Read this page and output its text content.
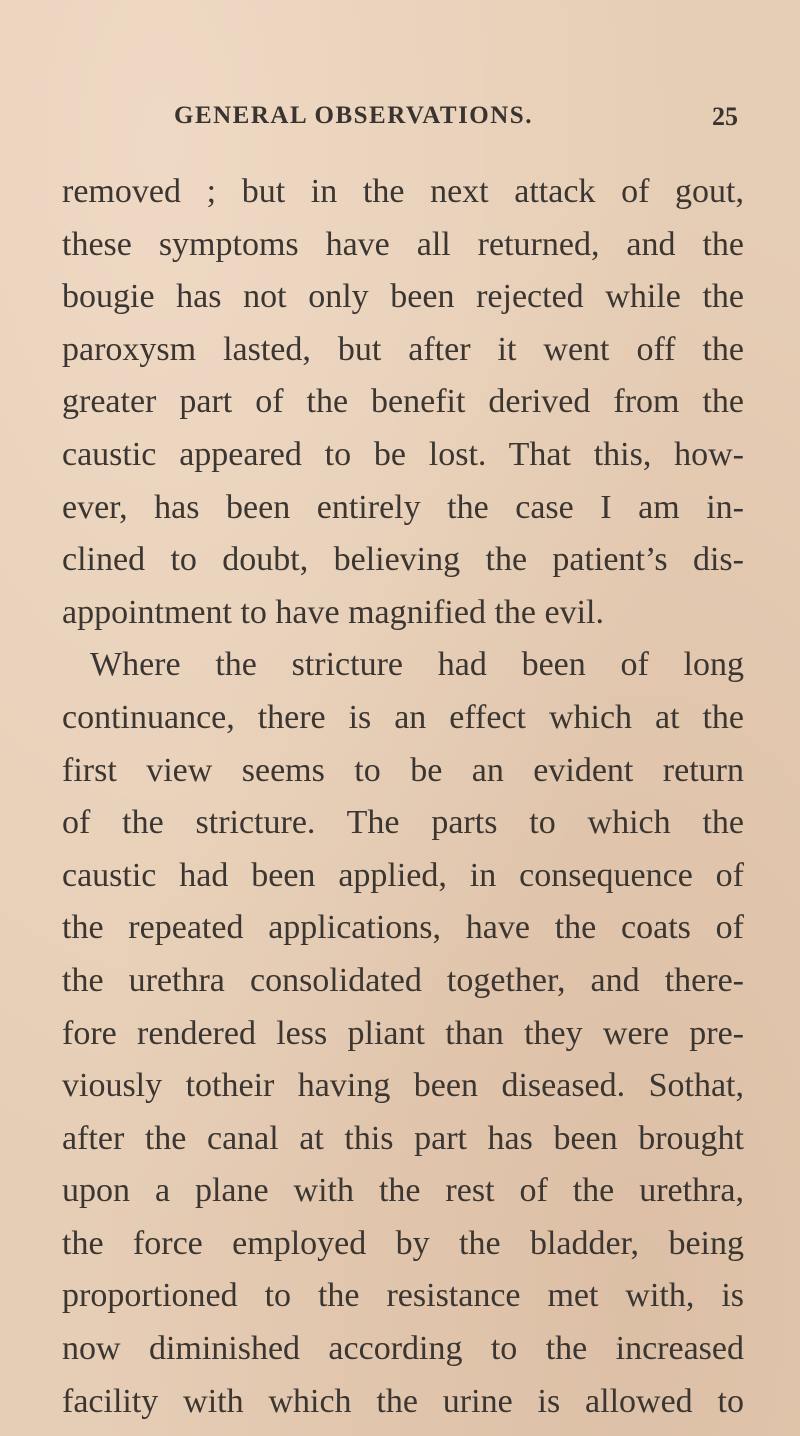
GENERAL OBSERVATIONS.	25
removed ; but in the next attack of gout,
these symptoms have all returned, and the
bougie has not only been rejected while the
paroxysm lasted, but after it went off the
greater part of the benefit derived from the
caustic appeared to be lost. That this, how-
ever, has been entirely the case I am in-
clined to doubt, believing the patient’s dis-
appointment to have magnified the evil.
Where the stricture had been of long
continuance, there is an effect which at the
first view seems to be an evident return
of the stricture. The parts to which the
caustic had been applied, in consequence of
the repeated applications, have the coats of
the urethra consolidated together, and there-
fore rendered less pliant than they were pre-
viously totheir having been diseased. Sothat,
after the canal at this part has been brought
upon a plane with the rest of the urethra,
the force employed by the bladder, being
proportioned to the resistance met with, is
now diminished according to the increased
facility with which the urine is allowed to
